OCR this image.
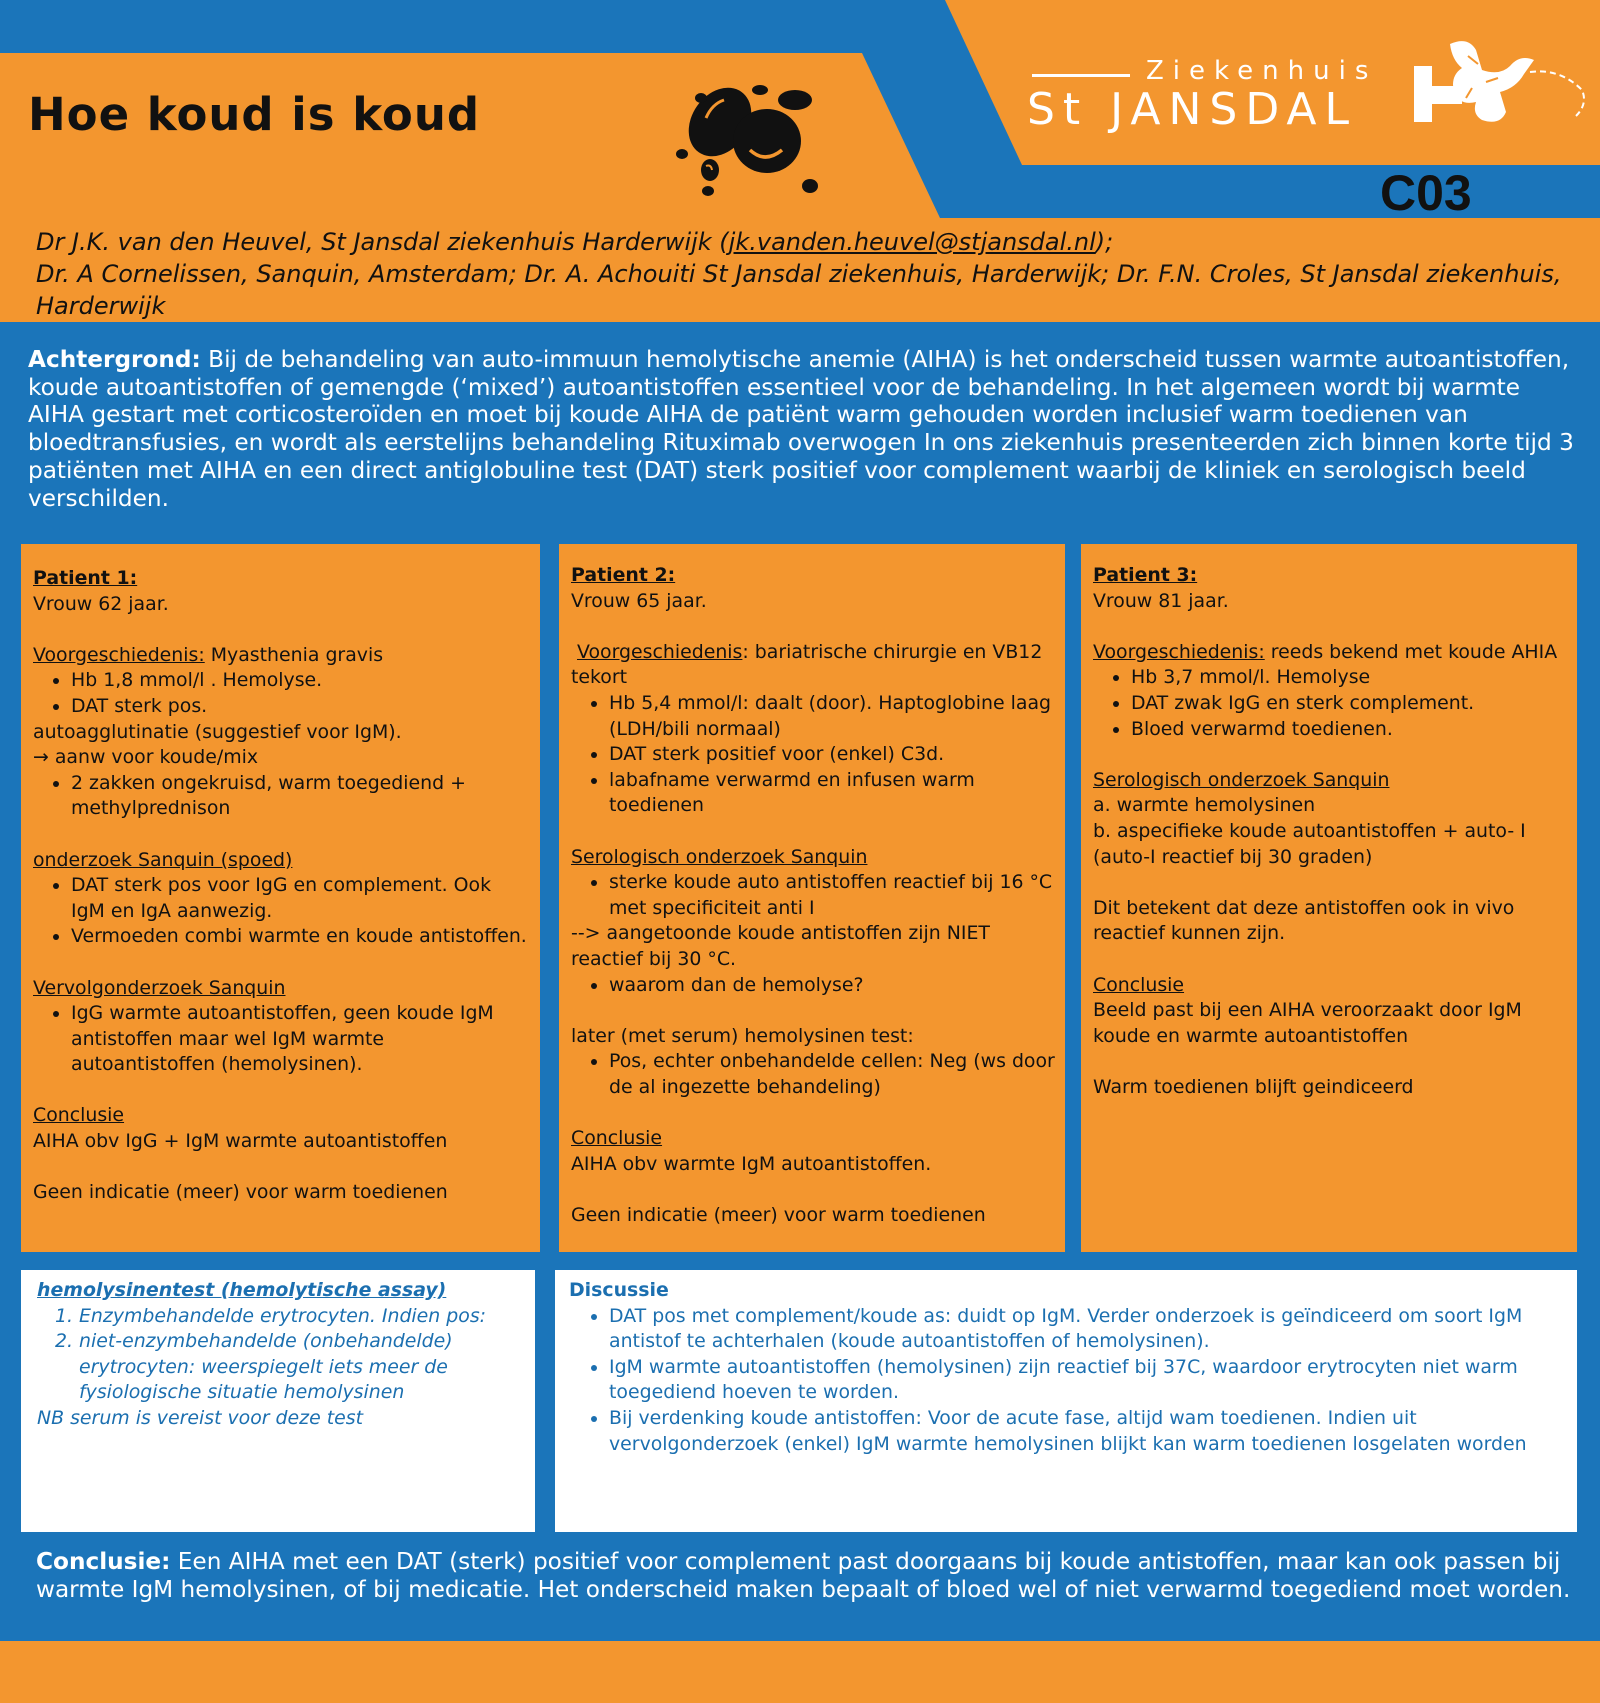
Hoe koud is koud
Ziekenhuis
St JANSDAL
C03
Dr J.K. van den Heuvel, St Jansdal ziekenhuis Harderwijk (jk.vanden.heuvel@stjansdal.nl);
Dr. A Cornelissen, Sanquin, Amsterdam; Dr. A. Achouiti St Jansdal ziekenhuis, Harderwijk; Dr. F.N. Croles, St Jansdal ziekenhuis, Harderwijk
Achtergrond: Bij de behandeling van auto-immuun hemolytische anemie (AIHA) is het onderscheid tussen warmte autoantistoffen, koude autoantistoffen of gemengde (‘mixed’) autoantistoffen essentieel voor de behandeling. In het algemeen wordt bij warmte AIHA gestart met corticosteroïden en moet bij koude AIHA de patiënt warm gehouden worden inclusief warm toedienen van bloedtransfusies, en wordt als eerstelijns behandeling Rituximab overwogen In ons ziekenhuis presenteerden zich binnen korte tijd 3 patiënten met AIHA en een direct antiglobuline test (DAT) sterk positief voor complement waarbij de kliniek en serologisch beeld verschilden.
Patient 1:
Vrouw 62 jaar.
Voorgeschiedenis: Myasthenia gravis
• Hb 1,8 mmol/l . Hemolyse.
• DAT sterk pos.
autoagglutinatie (suggestief voor IgM).
→ aanw voor koude/mix
• 2 zakken ongekruisd, warm toegediend + methylprednison
onderzoek Sanquin (spoed)
• DAT sterk pos voor IgG en complement. Ook IgM en IgA aanwezig.
• Vermoeden combi warmte en koude antistoffen.
Vervolgonderzoek Sanquin
• IgG warmte autoantistoffen, geen koude IgM antistoffen maar wel IgM warmte autoantistoffen (hemolysinen).
Conclusie
AIHA obv IgG + IgM warmte autoantistoffen
Geen indicatie (meer) voor warm toedienen
Patient 2:
Vrouw 65 jaar.
Voorgeschiedenis: bariatrische chirurgie en VB12 tekort
• Hb 5,4 mmol/l: daalt (door). Haptoglobine laag (LDH/bili normaal)
• DAT sterk positief voor (enkel) C3d.
• labafname verwarmd en infusen warm toedienen
Serologisch onderzoek Sanquin
• sterke koude auto antistoffen reactief bij 16 °C met specificiteit anti I
--> aangetoonde koude antistoffen zijn NIET reactief bij 30 °C.
• waarom dan de hemolyse?
later (met serum) hemolysinen test:
• Pos, echter onbehandelde cellen: Neg (ws door de al ingezette behandeling)
Conclusie
AIHA obv warmte IgM autoantistoffen.
Geen indicatie (meer) voor warm toedienen
Patient 3:
Vrouw 81 jaar.
Voorgeschiedenis: reeds bekend met koude AHIA
• Hb 3,7 mmol/l. Hemolyse
• DAT zwak IgG en sterk complement.
• Bloed verwarmd toedienen.
Serologisch onderzoek Sanquin
a. warmte hemolysinen
b. aspecifieke koude autoantistoffen + auto- I (auto-I reactief bij 30 graden)
Dit betekent dat deze antistoffen ook in vivo reactief kunnen zijn.
Conclusie
Beeld past bij een AIHA veroorzaakt door IgM koude en warmte autoantistoffen
Warm toedienen blijft geindiceerd
hemolysinentest (hemolytische assay)
1. Enzymbehandelde erytrocyten. Indien pos:
2. niet-enzymbehandelde (onbehandelde) erytrocyten: weerspiegelt iets meer de fysiologische situatie hemolysinen
NB serum is vereist voor deze test
Discussie
• DAT pos met complement/koude as: duidt op IgM. Verder onderzoek is geïndiceerd om soort IgM antistof te achterhalen (koude autoantistoffen of hemolysinen).
• IgM warmte autoantistoffen (hemolysinen) zijn reactief bij 37C, waardoor erytrocyten niet warm toegediend hoeven te worden.
• Bij verdenking koude antistoffen: Voor de acute fase, altijd wam toedienen. Indien uit vervolgonderzoek (enkel) IgM warmte hemolysinen blijkt kan warm toedienen losgelaten worden
Conclusie: Een AIHA met een DAT (sterk) positief voor complement past doorgaans bij koude antistoffen, maar kan ook passen bij warmte IgM hemolysinen, of bij medicatie. Het onderscheid maken bepaalt of bloed wel of niet verwarmd toegediend moet worden.
